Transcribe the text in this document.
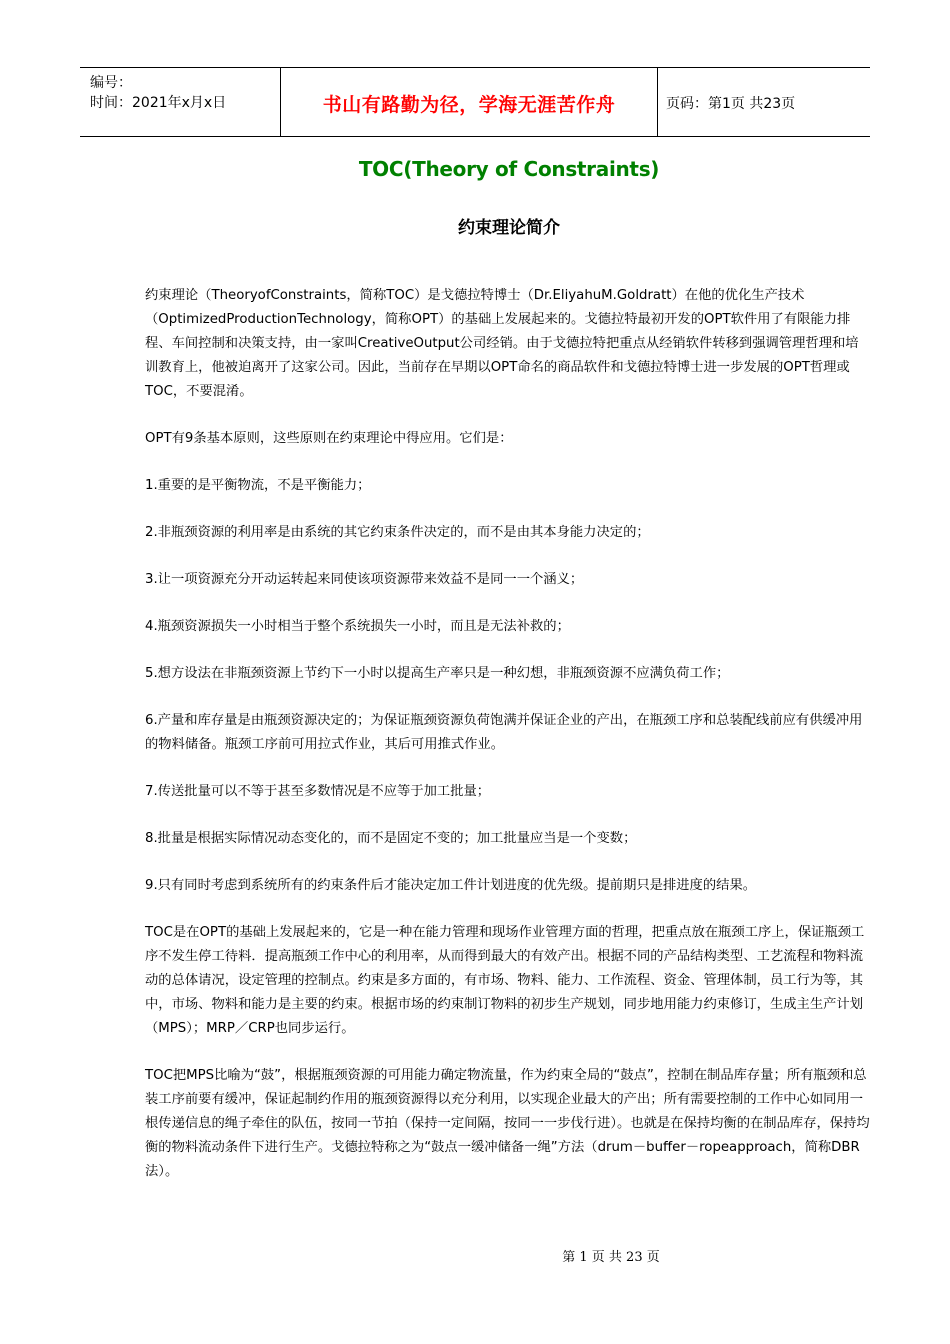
编号：
时间：2021年x月x日	书山有路勤为径，学海无涯苦作舟	页码：第1页 共23页
TOC(Theory of Constraints)
约束理论简介

约束理论（TheoryofConstraints，简称TOC）是戈德拉特博士（Dr.EliyahuM.Goldratt）在他的优化生产技术（OptimizedProductionTechnology，简称OPT）的基础上发展起来的。戈德拉特最初开发的OPT软件用了有限能力排程、车间控制和决策支持，由一家叫CreativeOutput公司经销。由于戈德拉特把重点从经销软件转移到强调管理哲理和培训教育上，他被迫离开了这家公司。因此，当前存在早期以OPT命名的商品软件和戈德拉特博士进一步发展的OPT哲理或TOC，不要混淆。

OPT有9条基本原则，这些原则在约束理论中得应用。它们是：

1.重要的是平衡物流，不是平衡能力；

2.非瓶颈资源的利用率是由系统的其它约束条件决定的，而不是由其本身能力决定的；

3.让一项资源充分开动运转起来同使该项资源带来效益不是同一一个涵义；

4.瓶颈资源损失一小时相当于整个系统损失一小时，而且是无法补救的；

5.想方设法在非瓶颈资源上节约下一小时以提高生产率只是一种幻想，非瓶颈资源不应满负荷工作；

6.产量和库存量是由瓶颈资源决定的；为保证瓶颈资源负荷饱满并保证企业的产出，在瓶颈工序和总装配线前应有供缓冲用的物料储备。瓶颈工序前可用拉式作业，其后可用推式作业。

7.传送批量可以不等于甚至多数情况是不应等于加工批量；

8.批量是根据实际情况动态变化的，而不是固定不变的；加工批量应当是一个变数；

9.只有同时考虑到系统所有的约束条件后才能决定加工件计划进度的优先级。提前期只是排进度的结果。

TOC是在OPT的基础上发展起来的，它是一种在能力管理和现场作业管理方面的哲理，把重点放在瓶颈工序上，保证瓶颈工序不发生停工待料．提高瓶颈工作中心的利用率，从而得到最大的有效产出。根据不同的产品结构类型、工艺流程和物料流动的总体请况，设定管理的控制点。约束是多方面的，有市场、物料、能力、工作流程、资金、管理体制，员工行为等，其中，市场、物料和能力是主要的约束。根据市场的约束制订物料的初步生产规划，同步地用能力约束修订，生成主生产计划（MPS）；MRP／CRP也同步运行。

TOC把MPS比喻为“鼓”，根据瓶颈资源的可用能力确定物流量，作为约束全局的“鼓点”，控制在制品库存量；所有瓶颈和总装工序前要有缓冲，保证起制约作用的瓶颈资源得以充分利用，以实现企业最大的产出；所有需要控制的工作中心如同用一根传递信息的绳子牵住的队伍，按同一节拍（保持一定间隔，按同一一步伐行进）。也就是在保持均衡的在制品库存，保持均衡的物料流动条件下进行生产。戈德拉特称之为“鼓点一缓冲储备一绳”方法（drum－buffer－ropeapproach，简称DBR法）。

第 1 页 共 23 页
